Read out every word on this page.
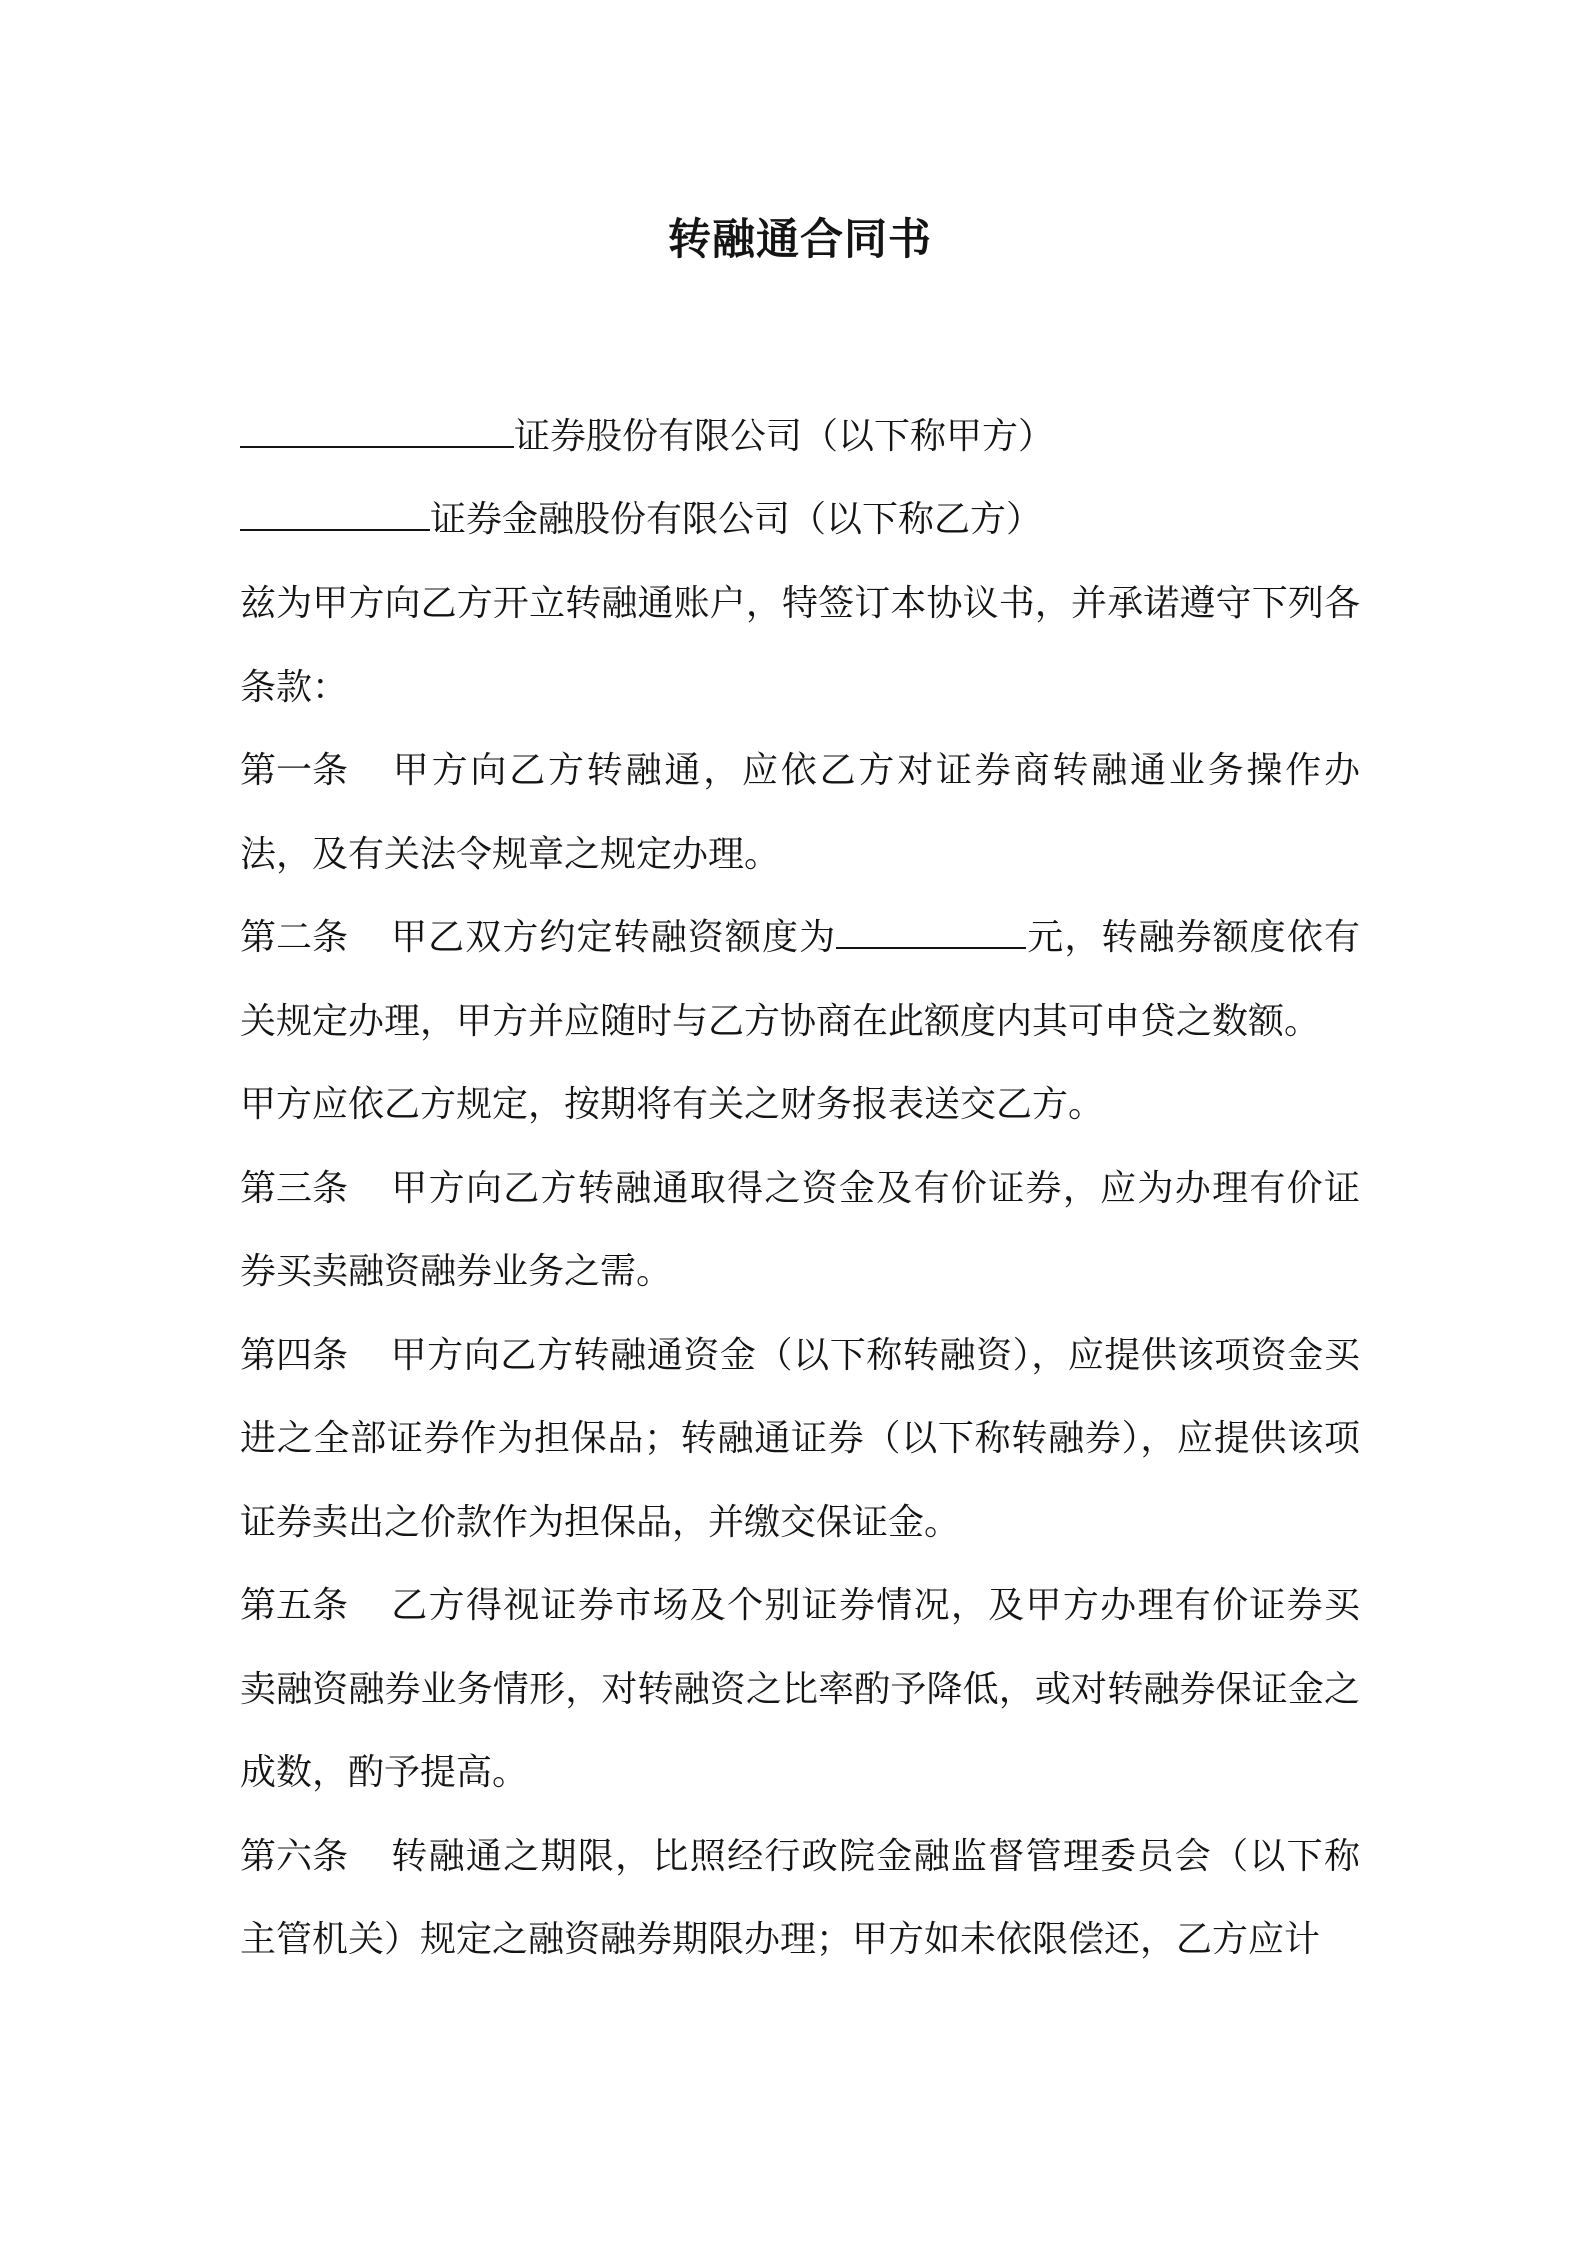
转融通合同书
证券股份有限公司（以下称甲方）
证券金融股份有限公司（以下称乙方）

兹为甲方向乙方开立转融通账户，特签订本协议书，并承诺遵守下列各条款：

第一条 甲方向乙方转融通，应依乙方对证券商转融通业务操作办法，及有关法令规章之规定办理。

第二条 甲乙双方约定转融资额度为	元，转融券额度依有关规定办理，甲方并应随时与乙方协商在此额度内其可申贷之数额。
甲方应依乙方规定，按期将有关之财务报表送交乙方。

第三条 甲方向乙方转融通取得之资金及有价证券，应为办理有价证券买卖融资融券业务之需。

第四条 甲方向乙方转融通资金（以下称转融资），应提供该项资金买进之全部证券作为担保品；转融通证券（以下称转融券），应提供该项证券卖出之价款作为担保品，并缴交保证金。

第五条 乙方得视证券市场及个别证券情况，及甲方办理有价证券买卖融资融券业务情形，对转融资之比率酌予降低，或对转融券保证金之成数，酌予提高。

第六条 转融通之期限，比照经行政院金融监督管理委员会（以下称主管机关）规定之融资融券期限办理；甲方如未依限偿还，乙方应计
